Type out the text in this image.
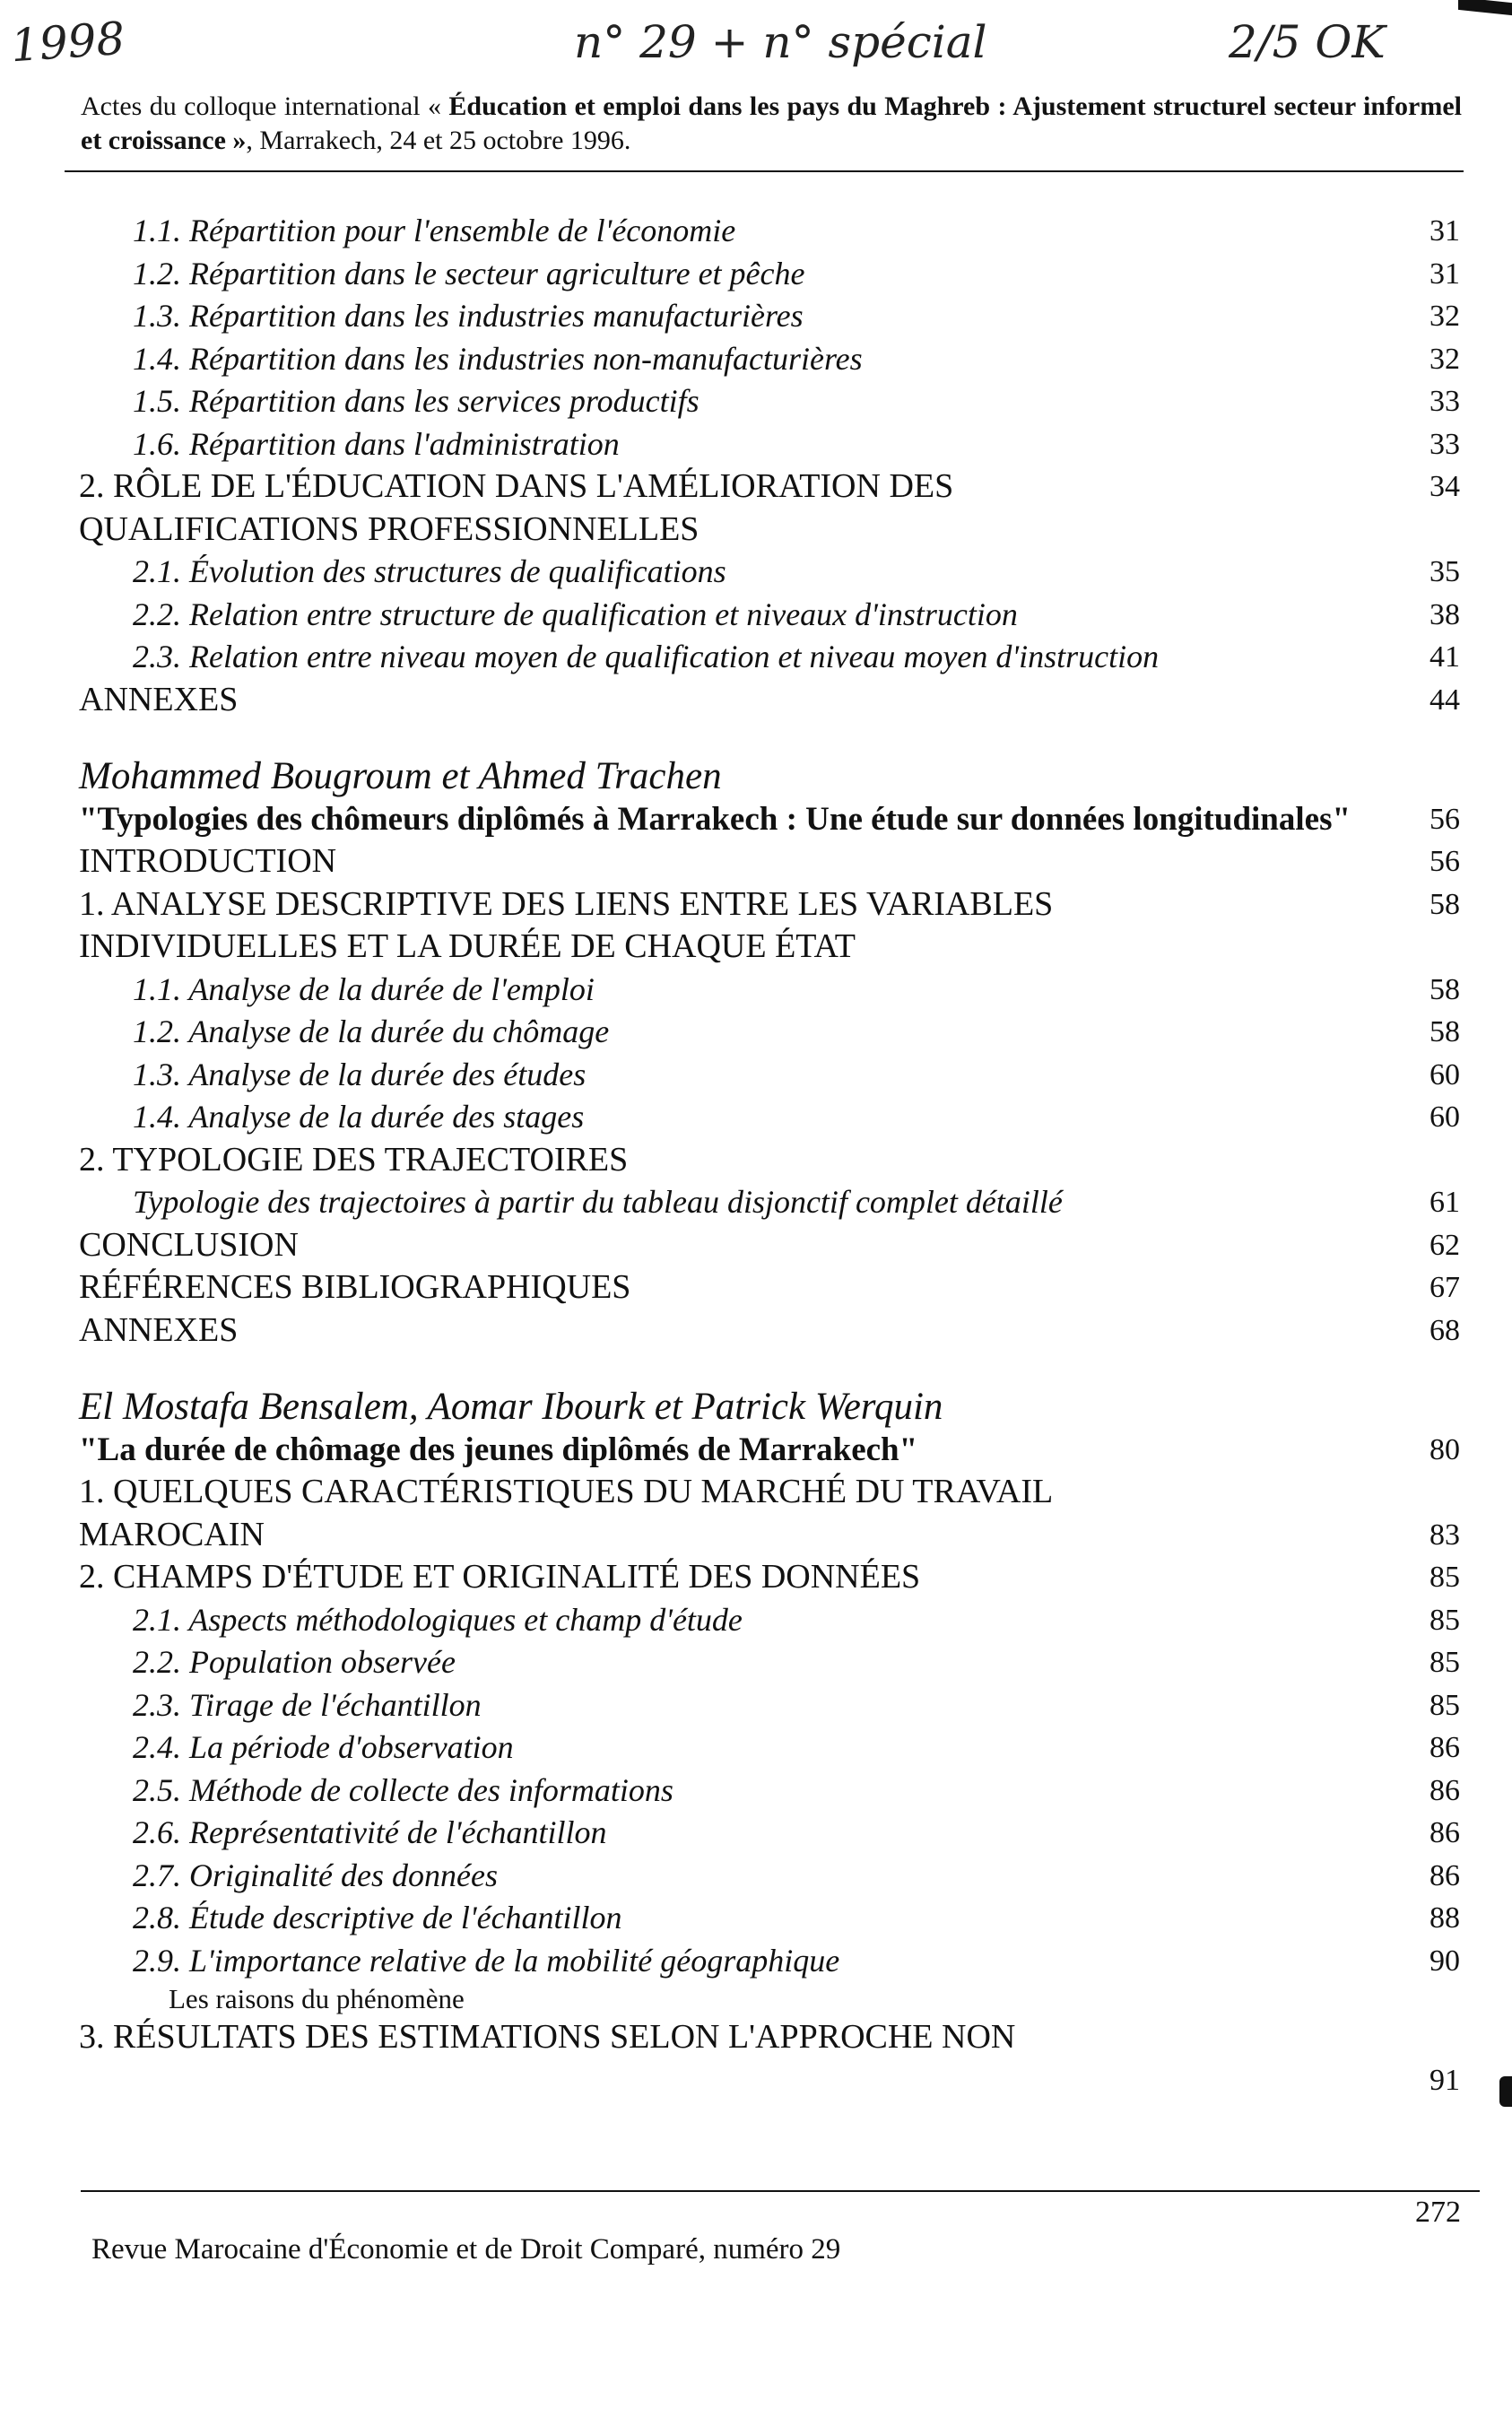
1998	n° 29 + n° spécial	2/5 OK
Actes du colloque international « Éducation et emploi dans les pays du Maghreb : Ajustement structurel secteur informel et croissance », Marrakech, 24 et 25 octobre 1996.
1.1. Répartition pour l'ensemble de l'économie	31
1.2. Répartition dans le secteur agriculture et pêche	31
1.3. Répartition dans les industries manufacturières	32
1.4. Répartition dans les industries non-manufacturières	32
1.5. Répartition dans les services productifs	33
1.6. Répartition dans l'administration	33
2. RÔLE DE L'ÉDUCATION DANS L'AMÉLIORATION DES	34
QUALIFICATIONS PROFESSIONNELLES
2.1. Évolution des structures de qualifications	35
2.2. Relation entre structure de qualification et niveaux d'instruction	38
2.3. Relation entre niveau moyen de qualification et niveau moyen d'instruction	41
ANNEXES	44
Mohammed Bougroum et Ahmed Trachen
"Typologies des chômeurs diplômés à Marrakech : Une étude sur données longitudinales"	56
INTRODUCTION	56
1. ANALYSE DESCRIPTIVE DES LIENS ENTRE LES VARIABLES	58
INDIVIDUELLES ET LA DURÉE DE CHAQUE ÉTAT
1.1. Analyse de la durée de l'emploi	58
1.2. Analyse de la durée du chômage	58
1.3. Analyse de la durée des études	60
1.4. Analyse de la durée des stages	60
2. TYPOLOGIE DES TRAJECTOIRES
Typologie des trajectoires à partir du tableau disjonctif complet détaillé	61
CONCLUSION	62
RÉFÉRENCES BIBLIOGRAPHIQUES	67
ANNEXES	68
El Mostafa Bensalem, Aomar Ibourk et Patrick Werquin
"La durée de chômage des jeunes diplômés de Marrakech"	80
1. QUELQUES CARACTÉRISTIQUES DU MARCHÉ DU TRAVAIL
MAROCAIN	83
2. CHAMPS D'ÉTUDE ET ORIGINALITÉ DES DONNÉES	85
2.1. Aspects méthodologiques et champ d'étude	85
2.2. Population observée	85
2.3. Tirage de l'échantillon	85
2.4. La période d'observation	86
2.5. Méthode de collecte des informations	86
2.6. Représentativité de l'échantillon	86
2.7. Originalité des données	86
2.8. Étude descriptive de l'échantillon	88
2.9. L'importance relative de la mobilité géographique	90
Les raisons du phénomène
3. RÉSULTATS DES ESTIMATIONS SELON L'APPROCHE NON
91
272
Revue Marocaine d'Économie et de Droit Comparé, numéro 29
